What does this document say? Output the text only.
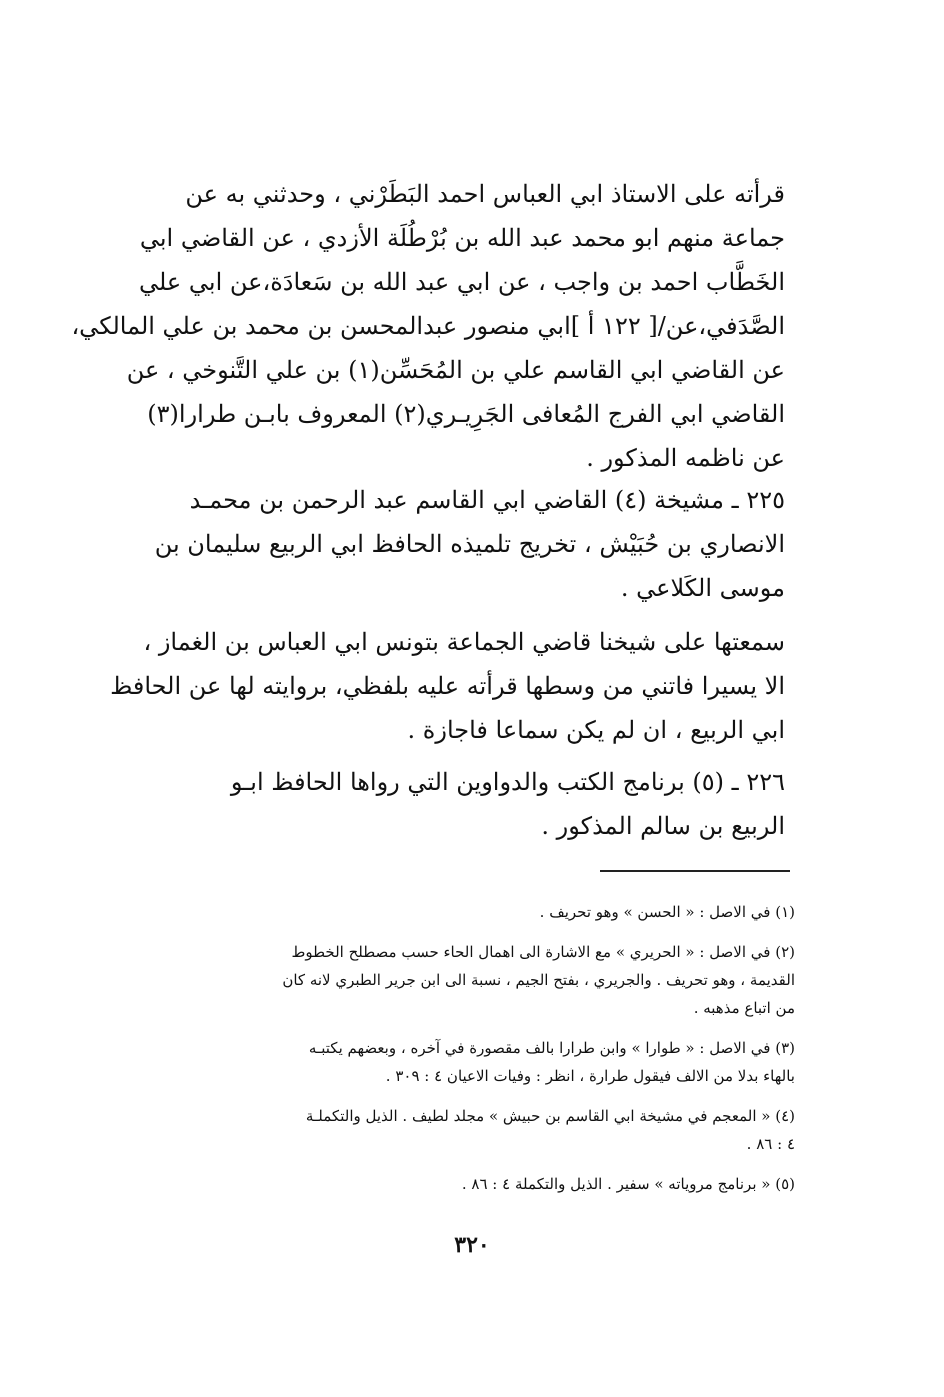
قرأته على الاستاذ ابي العباس احمد البَطَرْني ، وحدثني به عن
جماعة منهم ابو محمد عبد الله بن بُرْطُلَة الأزدي ، عن القاضي ابي
الخَطَّاب احمد بن واجب ، عن ابي عبد الله بن سَعادَة،عن ابي علي
الصَّدَفي،عن/[ ١٢٢ أ ]ابي منصور عبدالمحسن بن محمد بن علي المالكي،
عن القاضي ابي القاسم علي بن المُحَسِّن(١) بن علي التَّنوخي ، عن
القاضي ابي الفرج المُعافى الجَرِيـري(٢) المعروف بابـن طرارا(٣)
عن ناظمه المذكور .

٢٢٥ ـ مشيخة (٤) القاضي ابي القاسم عبد الرحمن بن محمـد
الانصاري بن حُبَيْش ، تخريج تلميذه الحافظ ابي الربيع سليمان بن
موسى الكَلاعي .

سمعتها على شيخنا قاضي الجماعة بتونس ابي العباس بن الغماز ،
الا يسيرا فاتني من وسطها قرأته عليه بلفظي، بروايته لها عن الحافظ
ابي الربيع ، ان لم يكن سماعا فاجازة .

٢٢٦ ـ (٥) برنامج الكتب والدواوين التي رواها الحافظ ابـو
الربيع بن سالم المذكور .

(١) في الاصل : « الحسن » وهو تحريف .

(٢) في الاصل : « الحريري » مع الاشارة الى اهمال الحاء حسب مصطلح الخطوط
القديمة ، وهو تحريف . والجريري ، بفتح الجيم ، نسبة الى ابن جرير الطبري لانه كان
من اتباع مذهبه .

(٣) في الاصل : « طوارا » وابن طرارا بالف مقصورة في آخره ، وبعضهم يكتبـه
بالهاء بدلا من الالف فيقول طرارة ، انظر : وفيات الاعيان ٤ : ٣٠٩ .

(٤) « المعجم في مشيخة ابي القاسم بن حبيش » مجلد لطيف . الذيل والتكملـة
٤ : ٨٦ .

(٥) « برنامج مروياته » سفير . الذيل والتكملة ٤ : ٨٦ .

٣٢٠
